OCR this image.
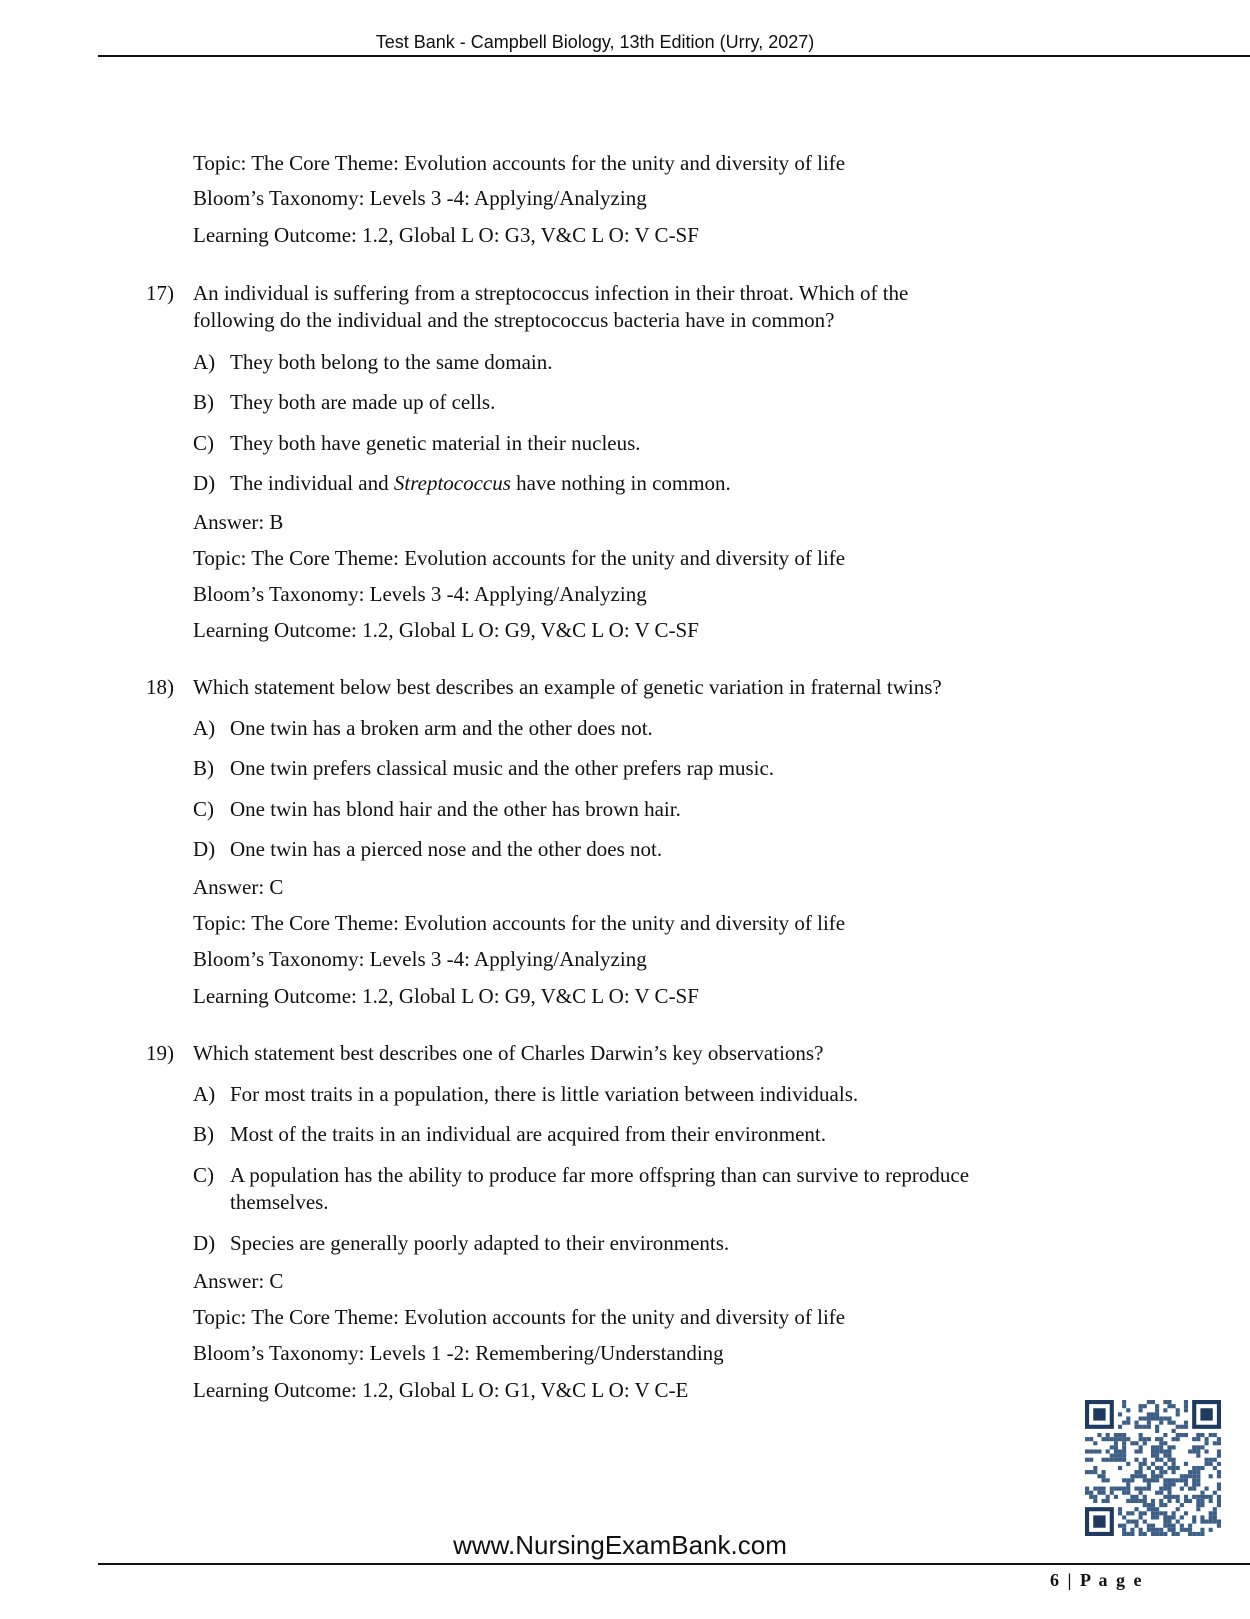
Test Bank - Campbell Biology, 13th Edition (Urry, 2027)
Topic: The Core Theme: Evolution accounts for the unity and diversity of life
Bloom’s Taxonomy: Levels 3 -4: Applying/Analyzing
Learning Outcome: 1.2, Global L O: G3, V&C L O: V C-SF
17) An individual is suffering from a streptococcus infection in their throat. Which of the
following do the individual and the streptococcus bacteria have in common?
A) They both belong to the same domain.
B) They both are made up of cells.
C) They both have genetic material in their nucleus.
D) The individual and Streptococcus have nothing in common.
Answer: B
Topic: The Core Theme: Evolution accounts for the unity and diversity of life
Bloom’s Taxonomy: Levels 3 -4: Applying/Analyzing
Learning Outcome: 1.2, Global L O: G9, V&C L O: V C-SF
18) Which statement below best describes an example of genetic variation in fraternal twins?
A) One twin has a broken arm and the other does not.
B) One twin prefers classical music and the other prefers rap music.
C) One twin has blond hair and the other has brown hair.
D) One twin has a pierced nose and the other does not.
Answer: C
Topic: The Core Theme: Evolution accounts for the unity and diversity of life
Bloom’s Taxonomy: Levels 3 -4: Applying/Analyzing
Learning Outcome: 1.2, Global L O: G9, V&C L O: V C-SF
19) Which statement best describes one of Charles Darwin’s key observations?
A) For most traits in a population, there is little variation between individuals.
B) Most of the traits in an individual are acquired from their environment.
C) A population has the ability to produce far more offspring than can survive to reproduce
themselves.
D) Species are generally poorly adapted to their environments.
Answer: C
Topic: The Core Theme: Evolution accounts for the unity and diversity of life
Bloom’s Taxonomy: Levels 1 -2: Remembering/Understanding
Learning Outcome: 1.2, Global L O: G1, V&C L O: V C-E
www.NursingExamBank.com
6 | P a g e
